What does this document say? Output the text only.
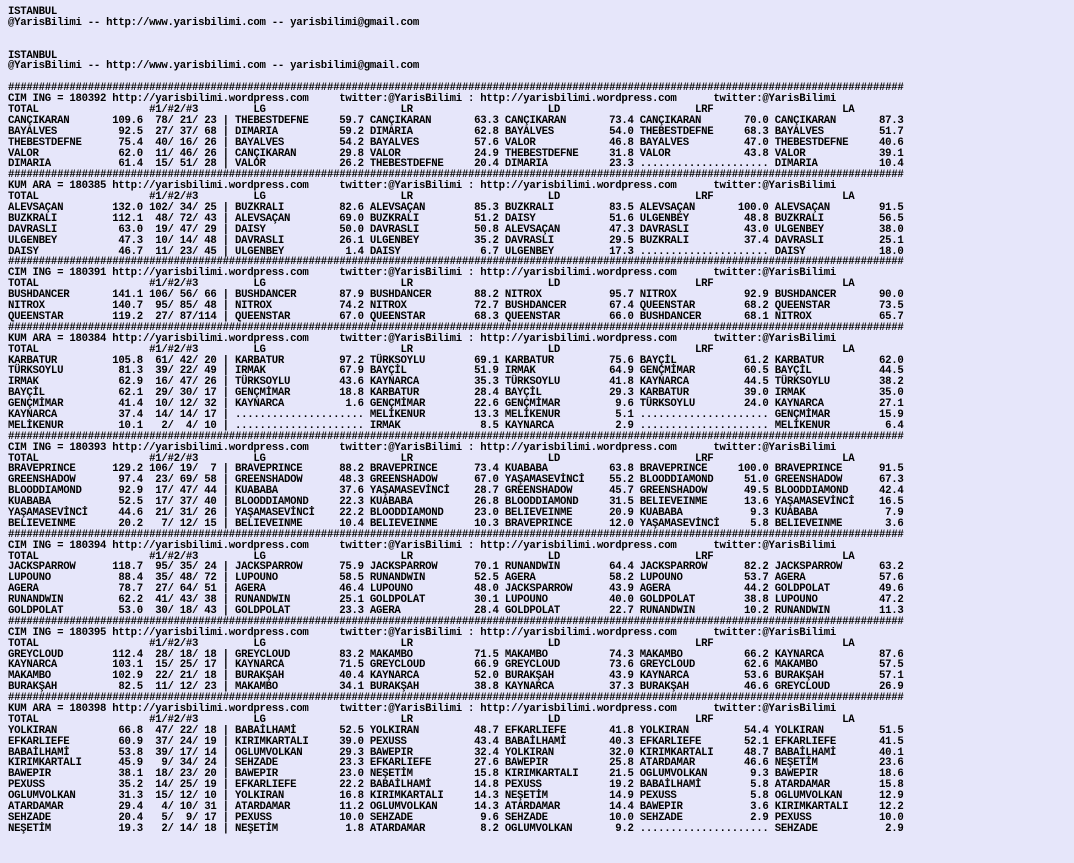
ISTANBUL
@YarisBilimi -- http://www.yarisbilimi.com -- yarisbilimi@gmail.com
ISTANBUL
@YarisBilimi -- http://www.yarisbilimi.com -- yarisbilimi@gmail.com
##################################################################################################################################################
CIM ING = 180392 http://yarisbilimi.wordpress.com     twitter:@YarisBilimi : http://yarisbilimi.wordpress.com      twitter:@YarisBilimi
TOTAL                  #1/#2/#3         LG                      LR                      LD                      LRF                     LA
CANÇIKARAN       109.6  78/ 21/ 23 | THEBESTDEFNE     59.7 CANÇIKARAN       63.3 CANÇIKARAN       73.4 CANÇIKARAN       70.0 CANÇIKARAN       87.3
BAYALVES          92.5  27/ 37/ 68 | DIMARIA          59.2 DIMARIA          62.8 BAYALVES         54.0 THEBESTDEFNE     68.3 BAYALVES         51.7
THEBESTDEFNE      75.4  40/ 16/ 26 | BAYALVES         54.2 BAYALVES         57.6 VALOR            46.8 BAYALVES         47.0 THEBESTDEFNE     40.6
VALOR             62.0  11/ 46/ 26 | CANÇIKARAN       29.8 VALOR            24.9 THEBESTDEFNE     31.8 VALOR            43.8 VALOR            39.1
DIMARIA           61.4  15/ 51/ 28 | VALOR            26.2 THEBESTDEFNE     20.4 DIMARIA          23.3 ..................... DIMARIA          10.4
##################################################################################################################################################
KUM ARA = 180385 http://yarisbilimi.wordpress.com     twitter:@YarisBilimi : http://yarisbilimi.wordpress.com      twitter:@YarisBilimi
TOTAL                  #1/#2/#3         LG                      LR                      LD                      LRF                     LA
ALEVSAÇAN        132.0 102/ 34/ 25 | BUZKRALI         82.6 ALEVSAÇAN        85.3 BUZKRALI         83.5 ALEVSAÇAN       100.0 ALEVSAÇAN        91.5
BUZKRALI         112.1  48/ 72/ 43 | ALEVSAÇAN        69.0 BUZKRALI         51.2 DAISY            51.6 ULGENBEY         48.8 BUZKRALI         56.5
DAVRASLI          63.0  19/ 47/ 29 | DAISY            50.0 DAVRASLI         50.8 ALEVSAÇAN        47.3 DAVRASLI         43.0 ULGENBEY         38.0
ULGENBEY          47.3  10/ 14/ 48 | DAVRASLI         26.1 ULGENBEY         35.2 DAVRASLI         29.5 BUZKRALI         37.4 DAVRASLI         25.1
DAISY             46.7  11/ 23/ 45 | ULGENBEY          1.4 DAISY             6.7 ULGENBEY         17.3 ..................... DAISY            18.0
##################################################################################################################################################
CIM ING = 180391 http://yarisbilimi.wordpress.com     twitter:@YarisBilimi : http://yarisbilimi.wordpress.com      twitter:@YarisBilimi
TOTAL                  #1/#2/#3         LG                      LR                      LD                      LRF                     LA
BUSHDANCER       141.1 106/ 56/ 66 | BUSHDANCER       87.9 BUSHDANCER       88.2 NITROX           95.7 NITROX           92.9 BUSHDANCER       90.0
NITROX           140.7  95/ 85/ 48 | NITROX           74.2 NITROX           72.7 BUSHDANCER       67.4 QUEENSTAR        68.2 QUEENSTAR        73.5
QUEENSTAR        119.2  27/ 87/114 | QUEENSTAR        67.0 QUEENSTAR        68.3 QUEENSTAR        66.0 BUSHDANCER       68.1 NITROX           65.7
##################################################################################################################################################
KUM ARA = 180384 http://yarisbilimi.wordpress.com     twitter:@YarisBilimi : http://yarisbilimi.wordpress.com      twitter:@YarisBilimi
TOTAL                  #1/#2/#3         LG                      LR                      LD                      LRF                     LA
KARBATUR         105.8  61/ 42/ 20 | KARBATUR         97.2 TÜRKSOYLU        69.1 KARBATUR         75.6 BAYÇİL           61.2 KARBATUR         62.0
TÜRKSOYLU         81.3  39/ 22/ 49 | IRMAK            67.9 BAYÇİL           51.9 IRMAK            64.9 GENÇMİMAR        60.5 BAYÇİL           44.5
IRMAK             62.9  16/ 47/ 26 | TÜRKSOYLU        43.6 KAYNARCA         35.3 TÜRKSOYLU        41.8 KAYNARCA         44.5 TÜRKSOYLU        38.2
BAYÇİL            62.1  29/ 30/ 17 | GENÇMİMAR        18.8 KARBATUR         28.4 BAYÇİL           29.3 KARBATUR         39.0 IRMAK            35.0
GENÇMİMAR         41.4  10/ 12/ 32 | KAYNARCA          1.6 GENÇMİMAR        22.6 GENÇMİMAR         9.6 TÜRKSOYLU        24.0 KAYNARCA         27.1
KAYNARCA          37.4  14/ 14/ 17 | ..................... MELİKENUR        13.3 MELİKENUR         5.1 ..................... GENÇMİMAR        15.9
MELİKENUR         10.1   2/  4/ 10 | ..................... IRMAK             8.5 KAYNARCA          2.9 ..................... MELİKENUR         6.4
##################################################################################################################################################
CIM ING = 180393 http://yarisbilimi.wordpress.com     twitter:@YarisBilimi : http://yarisbilimi.wordpress.com      twitter:@YarisBilimi
TOTAL                  #1/#2/#3         LG                      LR                      LD                      LRF                     LA
BRAVEPRINCE      129.2 106/ 19/  7 | BRAVEPRINCE      88.2 BRAVEPRINCE      73.4 KUABABA          63.8 BRAVEPRINCE     100.0 BRAVEPRINCE      91.5
GREENSHADOW       97.4  23/ 69/ 58 | GREENSHADOW      48.3 GREENSHADOW      67.0 YAŞAMASEVİNCİ    55.2 BLOODDIAMOND     51.0 GREENSHADOW      67.3
BLOODDIAMOND      92.9  17/ 47/ 44 | KUABABA          37.6 YAŞAMASEVİNCİ    28.7 GREENSHADOW      45.7 GREENSHADOW      49.5 BLOODDIAMOND     42.4
KUABABA           52.5  17/ 37/ 40 | BLOODDIAMOND     22.3 KUABABA          26.8 BLOODDIAMOND     31.5 BELIEVEINME      13.6 YAŞAMASEVİNCİ    16.5
YAŞAMASEVİNCİ     44.6  21/ 31/ 26 | YAŞAMASEVİNCİ    22.2 BLOODDIAMOND     23.0 BELIEVEINME      20.9 KUABABA           9.3 KUABABA           7.9
BELIEVEINME       20.2   7/ 12/ 15 | BELIEVEINME      10.4 BELIEVEINME      10.3 BRAVEPRINCE      12.0 YAŞAMASEVİNCİ     5.8 BELIEVEINME       3.6
##################################################################################################################################################
CIM ING = 180394 http://yarisbilimi.wordpress.com     twitter:@YarisBilimi : http://yarisbilimi.wordpress.com      twitter:@YarisBilimi
TOTAL                  #1/#2/#3         LG                      LR                      LD                      LRF                     LA
JACKSPARROW      118.7  95/ 35/ 24 | JACKSPARROW      75.9 JACKSPARROW      70.1 RUNANDWIN        64.4 JACKSPARROW      82.2 JACKSPARROW      63.2
LUPOUNO           88.4  35/ 48/ 72 | LUPOUNO          58.5 RUNANDWIN        52.5 AGERA            58.2 LUPOUNO          53.7 AGERA            57.6
AGERA             78.7  27/ 64/ 51 | AGERA            46.4 LUPOUNO          48.0 JACKSPARROW      43.9 AGERA            44.2 GOLDPOLAT        49.6
RUNANDWIN         62.2  41/ 43/ 38 | RUNANDWIN        25.1 GOLDPOLAT        30.1 LUPOUNO          40.0 GOLDPOLAT        38.8 LUPOUNO          47.2
GOLDPOLAT         53.0  30/ 18/ 43 | GOLDPOLAT        23.3 AGERA            28.4 GOLDPOLAT        22.7 RUNANDWIN        10.2 RUNANDWIN        11.3
##################################################################################################################################################
CIM ING = 180395 http://yarisbilimi.wordpress.com     twitter:@YarisBilimi : http://yarisbilimi.wordpress.com      twitter:@YarisBilimi
TOTAL                  #1/#2/#3         LG                      LR                      LD                      LRF                     LA
GREYCLOUD        112.4  28/ 18/ 18 | GREYCLOUD        83.2 MAKAMBO          71.5 MAKAMBO          74.3 MAKAMBO          66.2 KAYNARCA         87.6
KAYNARCA         103.1  15/ 25/ 17 | KAYNARCA         71.5 GREYCLOUD        66.9 GREYCLOUD        73.6 GREYCLOUD        62.6 MAKAMBO          57.5
MAKAMBO          102.9  22/ 21/ 18 | BURAKŞAH         40.4 KAYNARCA         52.0 BURAKŞAH         43.9 KAYNARCA         53.6 BURAKŞAH         57.1
BURAKŞAH          82.5  11/ 12/ 23 | MAKAMBO          34.1 BURAKŞAH         38.8 KAYNARCA         37.3 BURAKŞAH         46.6 GREYCLOUD        26.9
##################################################################################################################################################
KUM ARA = 180398 http://yarisbilimi.wordpress.com     twitter:@YarisBilimi : http://yarisbilimi.wordpress.com      twitter:@YarisBilimi
TOTAL                  #1/#2/#3         LG                      LR                      LD                      LRF                     LA
YOLKIRAN          66.8  47/ 22/ 18 | BABAİLHAMİ       52.5 YOLKIRAN         48.7 EFKARLIEFE       41.8 YOLKIRAN         54.4 YOLKIRAN         51.5
EFKARLIEFE        60.9  37/ 24/ 19 | KIRIMKARTALI     39.0 PEXUSS           43.4 BABAİLHAMİ       40.3 EFKARLIEFE       52.1 EFKARLIEFE       41.5
BABAİLHAMİ        53.8  39/ 17/ 14 | OGLUMVOLKAN      29.3 BAWEPIR          32.4 YOLKIRAN         32.0 KIRIMKARTALI     48.7 BABAİLHAMİ       40.1
KIRIMKARTALI      45.9   9/ 34/ 24 | SEHZADE          23.3 EFKARLIEFE       27.6 BAWEPIR          25.8 ATARDAMAR        46.6 NEŞETİM          23.6
BAWEPIR           38.1  18/ 23/ 20 | BAWEPIR          23.0 NEŞETİM          15.8 KIRIMKARTALI     21.5 OGLUMVOLKAN       9.3 BAWEPIR          18.6
PEXUSS            35.2  14/ 25/ 19 | EFKARLIEFE       22.2 BABAİLHAMİ       14.8 PEXUSS           19.2 BABAİLHAMİ        5.8 ATARDAMAR        15.8
OGLUMVOLKAN       31.3  15/ 12/ 10 | YOLKIRAN         16.8 KIRIMKARTALI     14.3 NEŞETİM          14.9 PEXUSS            5.8 OGLUMVOLKAN      12.9
ATARDAMAR         29.4   4/ 10/ 31 | ATARDAMAR        11.2 OGLUMVOLKAN      14.3 ATARDAMAR        14.4 BAWEPIR           3.6 KIRIMKARTALI     12.2
SEHZADE           20.4   5/  9/ 17 | PEXUSS           10.0 SEHZADE           9.6 SEHZADE          10.0 SEHZADE           2.9 PEXUSS           10.0
NEŞETİM           19.3   2/ 14/ 18 | NEŞETİM           1.8 ATARDAMAR         8.2 OGLUMVOLKAN       9.2 ..................... SEHZADE           2.9
